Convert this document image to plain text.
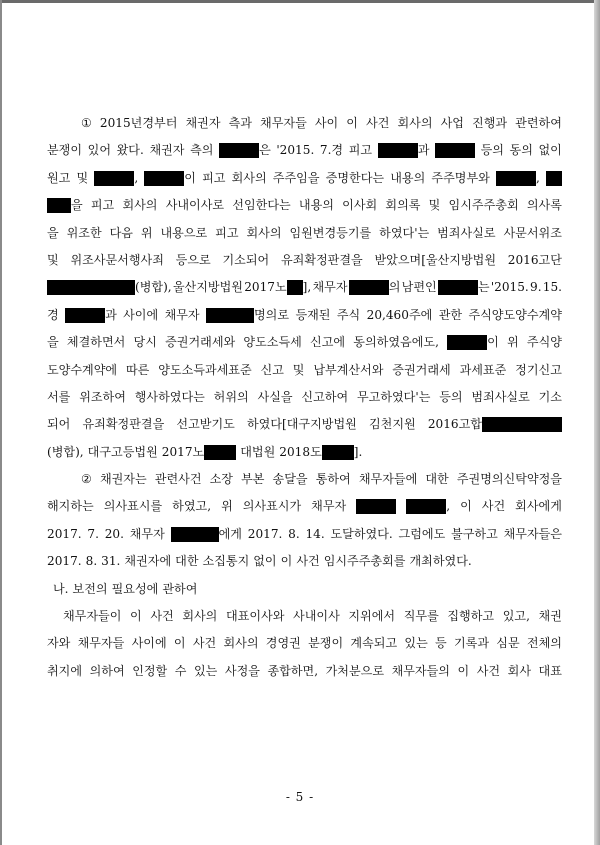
① 2015년경부터 채권자 측과 채무자들 사이 이 사건 회사의 사업 진행과 관련하여
분쟁이 있어 왔다. 채권자 측의	은 '2015. 7.경 피고	과	등의 동의 없이
원고 및	,	이 피고 회사의 주주임을 증명한다는 내용의 주주명부와	,
을 피고 회사의 사내이사로 선임한다는 내용의 이사회 회의록 및 임시주주총회 의사록
을 위조한 다음 위 내용으로 피고 회사의 임원변경등기를 하였다'는 범죄사실로 사문서위조
및 위조사문서행사죄 등으로 기소되어 유죄확정판결을 받았으며[울산지방법원 2016고단
(병합), 울산지방법원 2017노 ], 채무자	의 남편인	는 '2015. 9. 15.
경	과 사이에 채무자	명의로 등재된 주식 20,460주에 관한 주식양도양수계약
을 체결하면서 당시 증권거래세와 양도소득세 신고에 동의하였음에도,	이 위 주식양
도양수계약에 따른 양도소득과세표준 신고 및 납부계산서와 증권거래세 과세표준 정기신고
서를 위조하여 행사하였다는 허위의 사실을 신고하여 무고하였다'는 등의 범죄사실로 기소
되어 유죄확정판결을 선고받기도 하였다[대구지방법원 김천지원 2016고합
(병합), 대구고등법원 2017노	대법원 2018도	].
② 채권자는 관련사건 소장 부본 송달을 통하여 채무자들에 대한 주권명의신탁약정을
해지하는 의사표시를 하였고, 위 의사표시가 채무자	, 이 사건 회사에게
2017. 7. 20. 채무자	에게 2017. 8. 14. 도달하였다. 그럼에도 불구하고 채무자들은
2017. 8. 31. 채권자에 대한 소집통지 없이 이 사건 임시주주총회를 개최하였다.
나. 보전의 필요성에 관하여
채무자들이 이 사건 회사의 대표이사와 사내이사 지위에서 직무를 집행하고 있고, 채권
자와 채무자들 사이에 이 사건 회사의 경영권 분쟁이 계속되고 있는 등 기록과 심문 전체의
취지에 의하여 인정할 수 있는 사정을 종합하면, 가처분으로 채무자들의 이 사건 회사 대표
- 5 -
